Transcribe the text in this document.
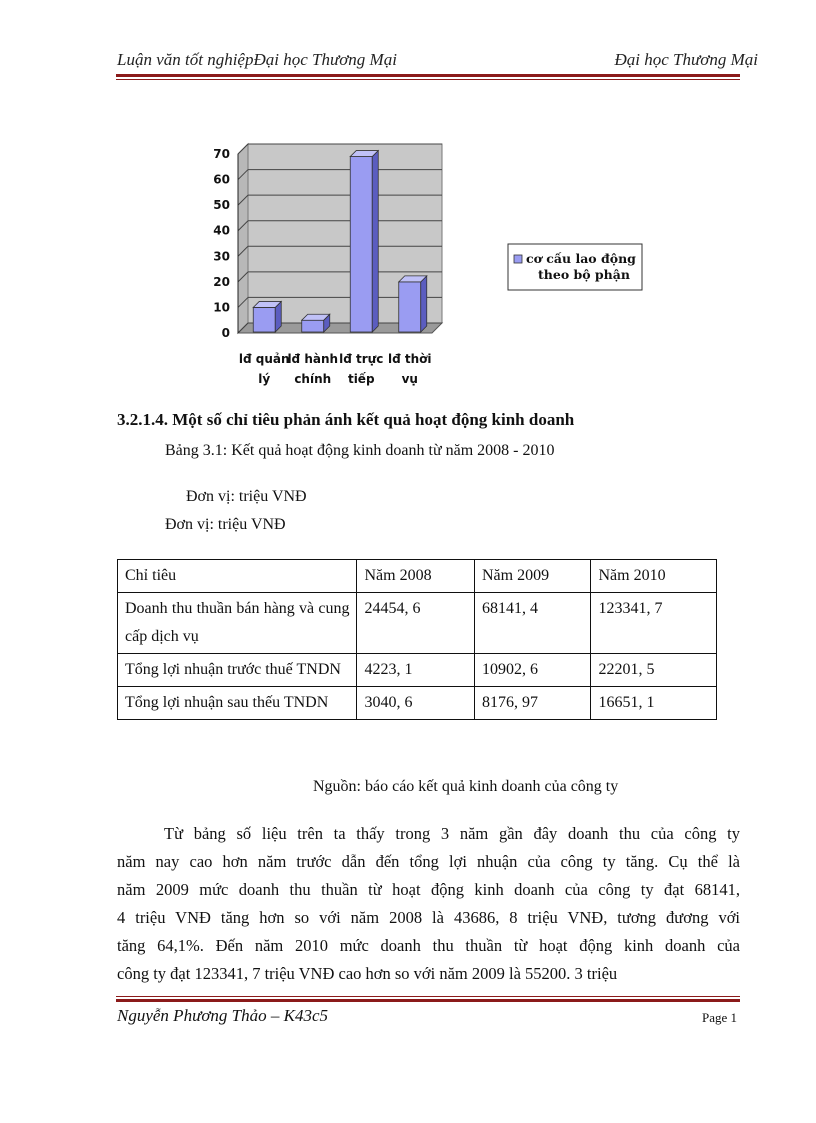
Luận văn tốt nghiệpĐại học Thương Mại	Đại học Thương Mại
0
10
20
30
40
50
60
70
lđ quản
lý
lđ hành
chính
lđ trực
tiếp
lđ thời
vụ
cơ cấu lao động
theo bộ phận
3.2.1.4. Một số chỉ tiêu phản ánh kết quả hoạt động kinh doanh
Bảng 3.1: Kết quả hoạt động kinh doanh từ năm 2008 - 2010
Đơn vị: triệu VNĐ
Đơn vị: triệu VNĐ
Chỉ tiêu	Năm 2008	Năm 2009	Năm 2010
Doanh thu thuần bán hàng và cung cấp dịch vụ	24454, 6	68141, 4	123341, 7
Tổng lợi nhuận trước thuế TNDN	4223, 1	10902, 6	22201, 5
Tổng lợi nhuận sau thếu TNDN	3040, 6	8176, 97	16651, 1
Nguồn: báo cáo kết quả kinh doanh của công ty
Từ bảng số liệu trên ta thấy trong 3 năm gần đây doanh thu của công ty
năm nay cao hơn năm trước dẫn đến tổng lợi nhuận của công ty tăng. Cụ thể là
năm 2009 mức doanh thu thuần từ hoạt động kinh doanh của công ty đạt 68141,
4 triệu VNĐ tăng hơn so với năm 2008 là 43686, 8 triệu VNĐ, tương đương với
tăng 64,1%. Đến năm 2010 mức doanh thu thuần từ hoạt động kinh doanh của
công ty đạt 123341, 7 triệu VNĐ cao hơn so với năm 2009 là 55200. 3 triệu
Nguyễn Phương Thảo – K43c5	Page 1
